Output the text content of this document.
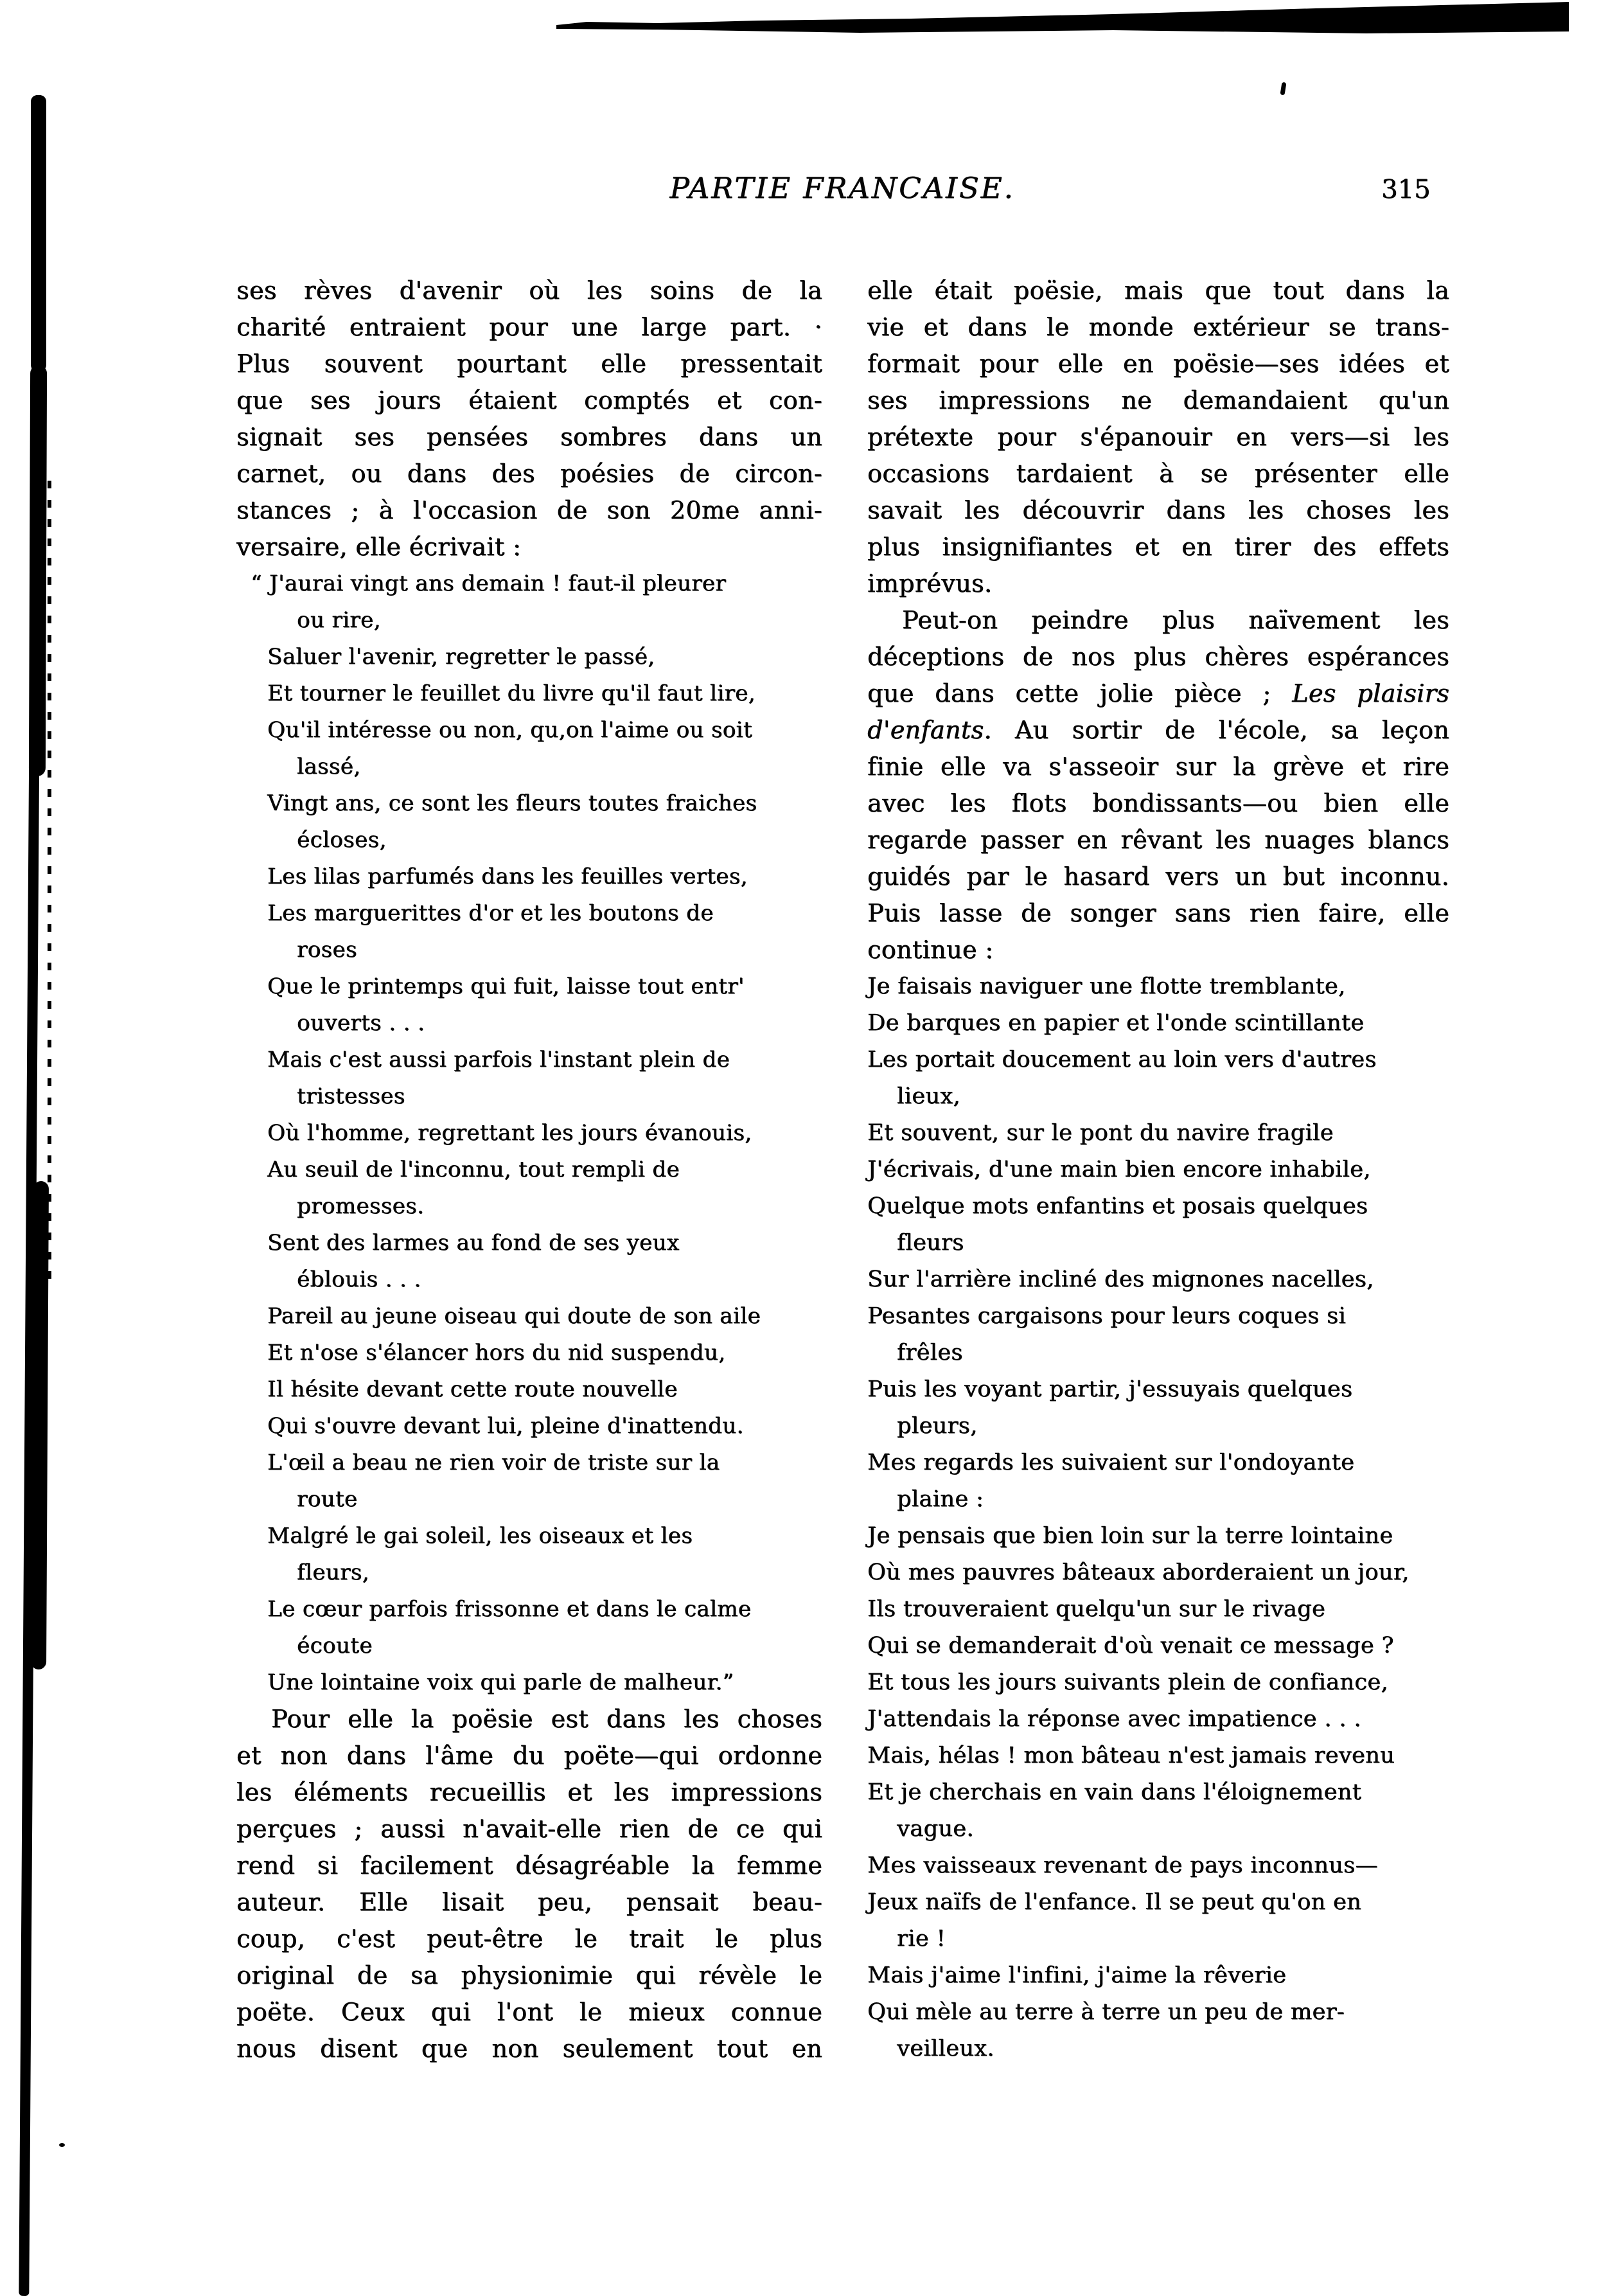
PARTIE FRANCAISE.	315
ses rèves d'avenir où les soins de la
charité entraient pour une large part. ·
Plus souvent pourtant elle pressentait
que ses jours étaient comptés et con-
signait ses pensées sombres dans un
carnet, ou dans des poésies de circon-
stances ; à l'occasion de son 20me anni-
versaire, elle écrivait :
“ J'aurai vingt ans demain ! faut-il pleurer
ou rire,
Saluer l'avenir, regretter le passé,
Et tourner le feuillet du livre qu'il faut lire,
Qu'il intéresse ou non, qu,on l'aime ou soit
lassé,
Vingt ans, ce sont les fleurs toutes fraiches
écloses,
Les lilas parfumés dans les feuilles vertes,
Les marguerittes d'or et les boutons de
roses
Que le printemps qui fuit, laisse tout entr'
ouverts . . .
Mais c'est aussi parfois l'instant plein de
tristesses
Où l'homme, regrettant les jours évanouis,
Au seuil de l'inconnu, tout rempli de
promesses.
Sent des larmes au fond de ses yeux
éblouis . . .
Pareil au jeune oiseau qui doute de son aile
Et n'ose s'élancer hors du nid suspendu,
Il hésite devant cette route nouvelle
Qui s'ouvre devant lui, pleine d'inattendu.
L'œil a beau ne rien voir de triste sur la
route
Malgré le gai soleil, les oiseaux et les
fleurs,
Le cœur parfois frissonne et dans le calme
écoute
Une lointaine voix qui parle de malheur.”
Pour elle la poësie est dans les choses
et non dans l'âme du poëte—qui ordonne
les éléments recueillis et les impressions
perçues ; aussi n'avait-elle rien de ce qui
rend si facilement désagréable la femme
auteur. Elle lisait peu, pensait beau-
coup, c'est peut-être le trait le plus
original de sa physionimie qui révèle le
poëte. Ceux qui l'ont le mieux connue
nous disent que non seulement tout en
elle était poësie, mais que tout dans la
vie et dans le monde extérieur se trans-
formait pour elle en poësie—ses idées et
ses impressions ne demandaient qu'un
prétexte pour s'épanouir en vers—si les
occasions tardaient à se présenter elle
savait les découvrir dans les choses les
plus insignifiantes et en tirer des effets
imprévus.
Peut-on peindre plus naïvement les
déceptions de nos plus chères espérances
que dans cette jolie pièce ; Les plaisirs
d'enfants. Au sortir de l'école, sa leçon
finie elle va s'asseoir sur la grève et rire
avec les flots bondissants—ou bien elle
regarde passer en rêvant les nuages blancs
guidés par le hasard vers un but inconnu.
Puis lasse de songer sans rien faire, elle
continue :
Je faisais naviguer une flotte tremblante,
De barques en papier et l'onde scintillante
Les portait doucement au loin vers d'autres
lieux,
Et souvent, sur le pont du navire fragile
J'écrivais, d'une main bien encore inhabile,
Quelque mots enfantins et posais quelques
fleurs
Sur l'arrière incliné des mignones nacelles,
Pesantes cargaisons pour leurs coques si
frêles
Puis les voyant partir, j'essuyais quelques
pleurs,
Mes regards les suivaient sur l'ondoyante
plaine :
Je pensais que bien loin sur la terre lointaine
Où mes pauvres bâteaux aborderaient un jour,
Ils trouveraient quelqu'un sur le rivage
Qui se demanderait d'où venait ce message ?
Et tous les jours suivants plein de confiance,
J'attendais la réponse avec impatience . . .
Mais, hélas ! mon bâteau n'est jamais revenu
Et je cherchais en vain dans l'éloignement
vague.
Mes vaisseaux revenant de pays inconnus—
Jeux naïfs de l'enfance. Il se peut qu'on en
rie !
Mais j'aime l'infini, j'aime la rêverie
Qui mèle au terre à terre un peu de mer-
veilleux.
